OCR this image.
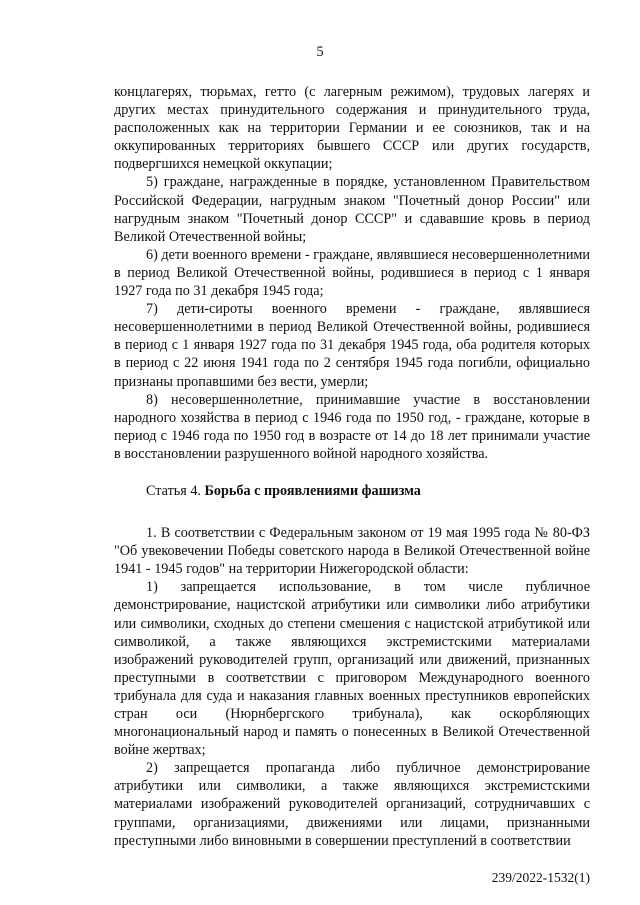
5

концлагерях, тюрьмах, гетто (с лагерным режимом), трудовых лагерях и других местах принудительного содержания и принудительного труда, расположенных как на территории Германии и ее союзников, так и на оккупированных территориях бывшего СССР или других государств, подвергшихся немецкой оккупации;

5) граждане, награжденные в порядке, установленном Правительством Российской Федерации, нагрудным знаком "Почетный донор России" или нагрудным знаком "Почетный донор СССР" и сдававшие кровь в период Великой Отечественной войны;

6) дети военного времени - граждане, являвшиеся несовершеннолетними в период Великой Отечественной войны, родившиеся в период с 1 января 1927 года по 31 декабря 1945 года;

7) дети-сироты военного времени - граждане, являвшиеся несовершеннолетними в период Великой Отечественной войны, родившиеся в период с 1 января 1927 года по 31 декабря 1945 года, оба родителя которых в период с 22 июня 1941 года по 2 сентября 1945 года погибли, официально признаны пропавшими без вести, умерли;

8) несовершеннолетние, принимавшие участие в восстановлении народного хозяйства в период с 1946 года по 1950 год, - граждане, которые в период с 1946 года по 1950 год в возрасте от 14 до 18 лет принимали участие в восстановлении разрушенного войной народного хозяйства.

Статья 4. Борьба с проявлениями фашизма

1. В соответствии с Федеральным законом от 19 мая 1995 года № 80-ФЗ "Об увековечении Победы советского народа в Великой Отечественной войне 1941 - 1945 годов" на территории Нижегородской области:

1) запрещается использование, в том числе публичное демонстрирование, нацистской атрибутики или символики либо атрибутики или символики, сходных до степени смешения с нацистской атрибутикой или символикой, а также являющихся экстремистскими материалами изображений руководителей групп, организаций или движений, признанных преступными в соответствии с приговором Международного военного трибунала для суда и наказания главных военных преступников европейских стран оси (Нюрнбергского трибунала), как оскорбляющих многонациональный народ и память о понесенных в Великой Отечественной войне жертвах;

2) запрещается пропаганда либо публичное демонстрирование атрибутики или символики, а также являющихся экстремистскими материалами изображений руководителей организаций, сотрудничавших с группами, организациями, движениями или лицами, признанными преступными либо виновными в совершении преступлений в соответствии

239/2022-1532(1)
